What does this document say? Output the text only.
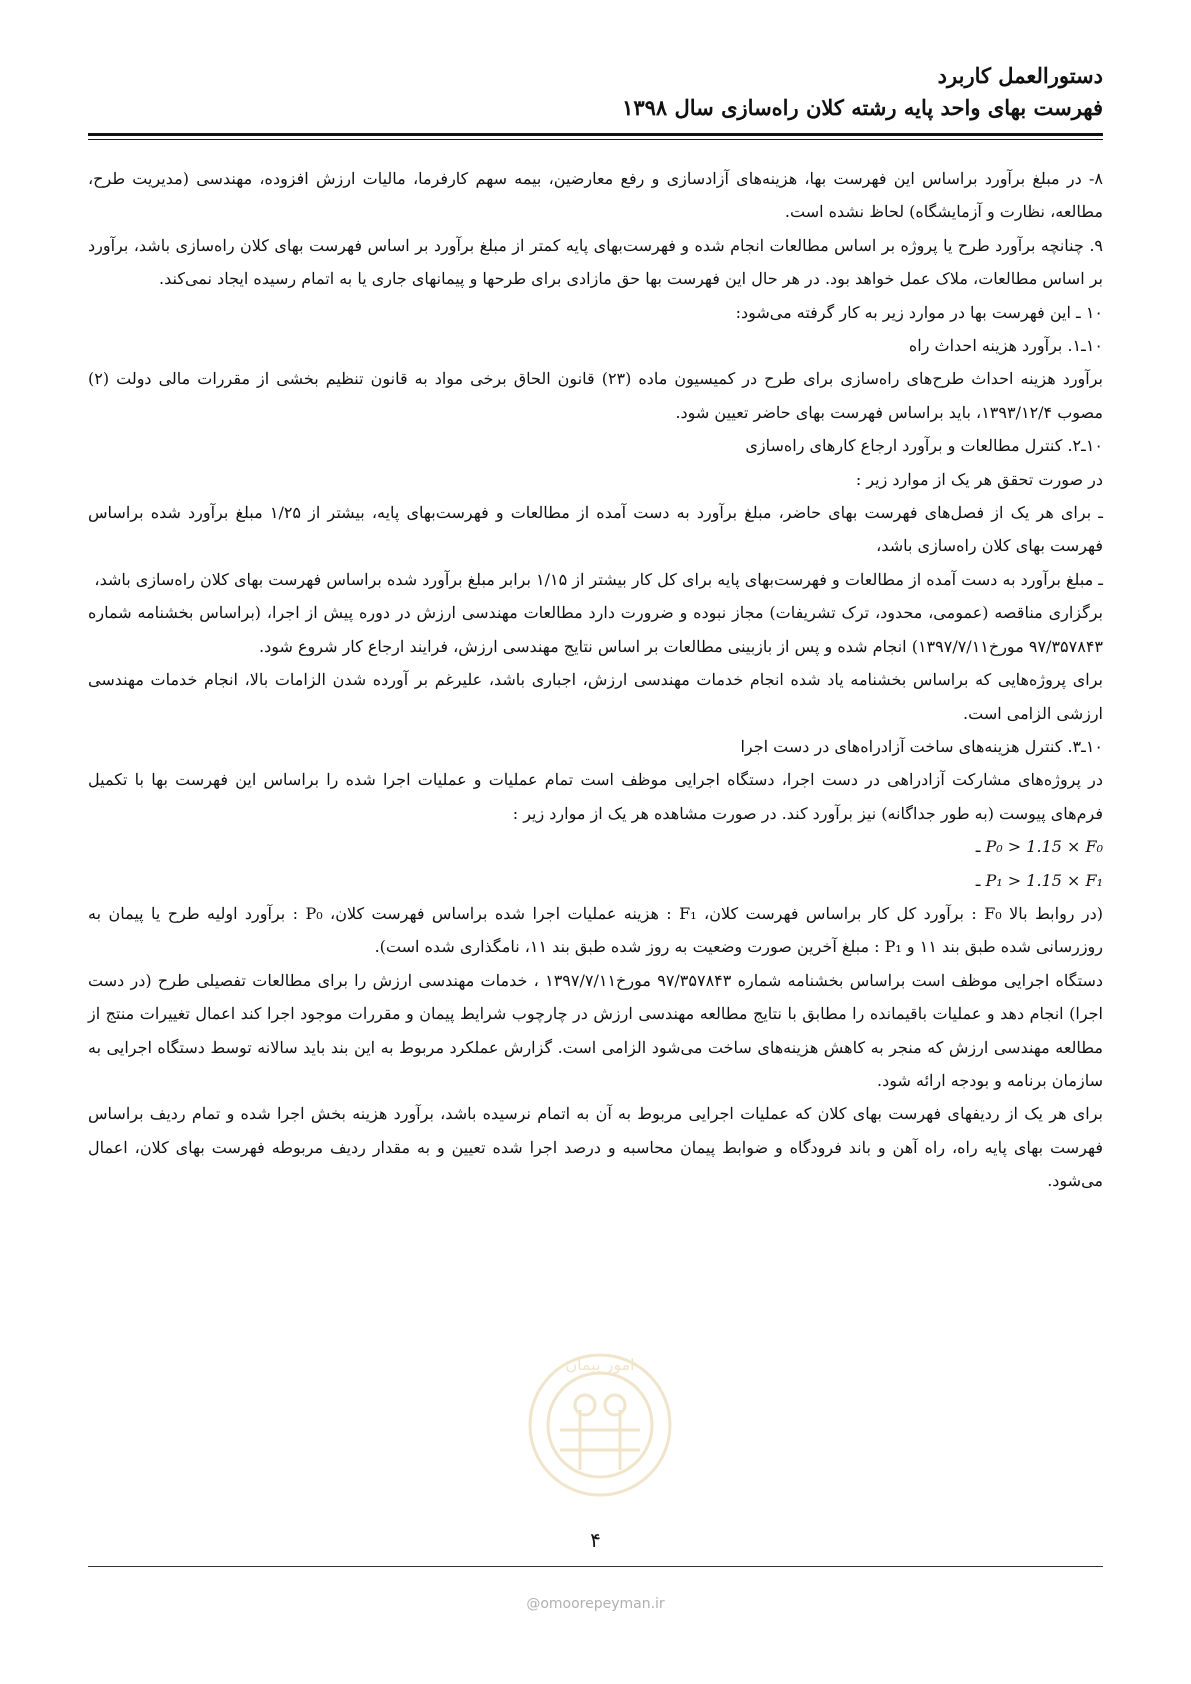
دستورالعمل کاربرد
فهرست بهای واحد پایه رشته کلان راه‌سازی سال ۱۳۹۸

۸- در مبلغ برآورد براساس این فهرست بها، هزینه‌های آزادسازی و رفع معارضین، بیمه سهم کارفرما، مالیات ارزش افزوده، مهندسی (مدیریت طرح، مطالعه، نظارت و آزمایشگاه) لحاظ نشده است.

۹. چنانچه برآورد طرح یا پروژه بر اساس مطالعات انجام شده و فهرست‌بهای پایه کمتر از مبلغ برآورد بر اساس فهرست بهای کلان راه‌سازی باشد، برآورد بر اساس مطالعات، ملاک عمل خواهد بود. در هر حال این فهرست بها حق مازادی برای طرحها و پیمانهای جاری یا به اتمام رسیده ایجاد نمی‌کند.

۱۰ ـ این فهرست بها در موارد زیر به کار گرفته می‌شود:

۱۰ـ۱. برآورد هزینه احداث راه

برآورد هزینه احداث طرح‌های راه‌سازی برای طرح در کمیسیون ماده (۲۳) قانون الحاق برخی مواد به قانون تنظیم بخشی از مقررات مالی دولت (۲) مصوب ۱۳۹۳/۱۲/۴، باید براساس فهرست بهای حاضر تعیین شود.

۱۰ـ۲. کنترل مطالعات و برآورد ارجاع کارهای راه‌سازی

در صورت تحقق هر یک از موارد زیر :

ـ برای هر یک از فصل‌های فهرست بهای حاضر، مبلغ برآورد به دست آمده از مطالعات و فهرست‌بهای پایه، بیشتر از ۱/۲۵ مبلغ برآورد شده براساس فهرست بهای کلان راه‌سازی باشد،

ـ مبلغ برآورد به دست آمده از مطالعات و فهرست‌بهای پایه برای کل کار بیشتر از ۱/۱۵ برابر مبلغ برآورد شده براساس فهرست بهای کلان راه‌سازی باشد،

برگزاری مناقصه (عمومی، محدود، ترک تشریفات) مجاز نبوده و ضرورت دارد مطالعات مهندسی ارزش در دوره پیش از اجرا، (براساس بخشنامه شماره ۹۷/۳۵۷۸۴۳ مورخ۱۳۹۷/۷/۱۱) انجام شده و پس از بازبینی مطالعات بر اساس نتایج مهندسی ارزش، فرایند ارجاع کار شروع شود.

برای پروژه‌هایی که براساس بخشنامه یاد شده انجام خدمات مهندسی ارزش، اجباری باشد، علیرغم بر آورده شدن الزامات بالا، انجام خدمات مهندسی ارزشی الزامی است.

۱۰ـ۳. کنترل هزینه‌های ساخت آزادراه‌های در دست اجرا

در پروژه‌های مشارکت آزادراهی در دست اجرا، دستگاه اجرایی موظف است تمام عملیات و عملیات اجرا شده را براساس این فهرست بها با تکمیل فرم‌های پیوست (به طور جداگانه) نیز برآورد کند. در صورت مشاهده هر یک از موارد زیر :

P₀ > 1.15 × F₀ ـ

P₁ > 1.15 × F₁ ـ

(در روابط بالا F₀ : برآورد کل کار براساس فهرست کلان، F₁ : هزینه عملیات اجرا شده براساس فهرست کلان، P₀ : برآورد اولیه طرح یا پیمان به روزرسانی شده طبق بند ۱۱ و P₁ : مبلغ آخرین صورت وضعیت به روز شده طبق بند ۱۱، نامگذاری شده است).

دستگاه اجرایی موظف است براساس بخشنامه شماره ۹۷/۳۵۷۸۴۳ مورخ۱۳۹۷/۷/۱۱ ، خدمات مهندسی ارزش را برای مطالعات تفصیلی طرح (در دست اجرا) انجام دهد و عملیات باقیمانده را مطابق با نتایج مطالعه مهندسی ارزش در چارچوب شرایط پیمان و مقررات موجود اجرا کند اعمال تغییرات منتج از مطالعه مهندسی ارزش که منجر به کاهش هزینه‌های ساخت می‌شود الزامی است. گزارش عملکرد مربوط به این بند باید سالانه توسط دستگاه اجرایی به سازمان برنامه و بودجه ارائه شود.

برای هر یک از ردیفهای فهرست بهای کلان که عملیات اجرایی مربوط به آن به اتمام نرسیده باشد، برآورد هزینه بخش اجرا شده و تمام ردیف براساس فهرست بهای پایه راه، راه آهن و باند فرودگاه و ضوابط پیمان محاسبه و درصد اجرا شده تعیین و به مقدار ردیف مربوطه فهرست بهای کلان، اعمال می‌شود.

امور پیمان
۴
@omoorepeyman.ir
